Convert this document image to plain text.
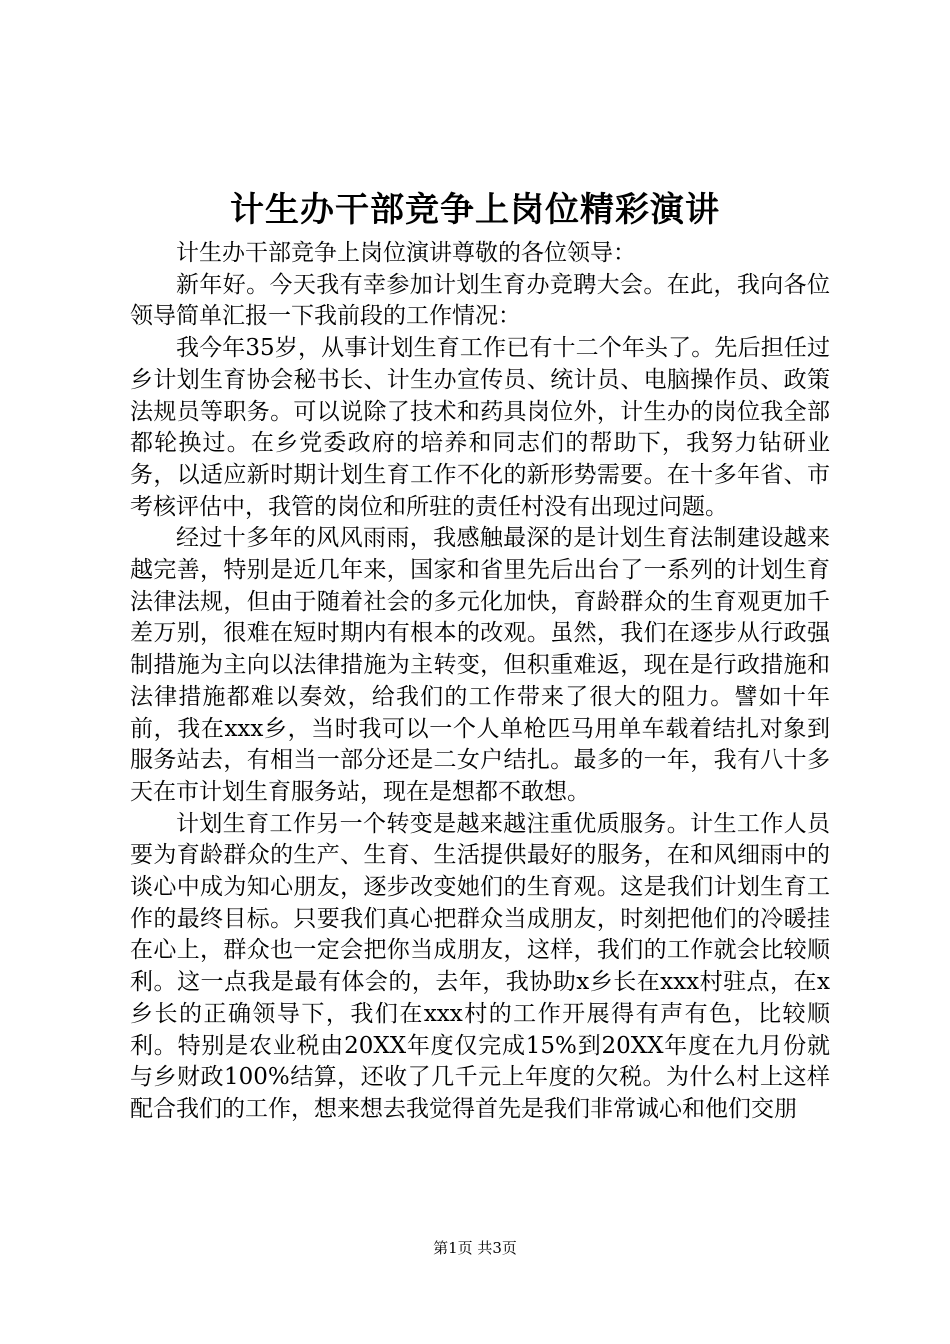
计生办干部竞争上岗位精彩演讲

计生办干部竞争上岗位演讲尊敬的各位领导：

新年好。今天我有幸参加计划生育办竞聘大会。在此，我向各位领导简单汇报一下我前段的工作情况：

我今年35岁，从事计划生育工作已有十二个年头了。先后担任过乡计划生育协会秘书长、计生办宣传员、统计员、电脑操作员、政策法规员等职务。可以说除了技术和药具岗位外，计生办的岗位我全部都轮换过。在乡党委政府的培养和同志们的帮助下，我努力钻研业务，以适应新时期计划生育工作不化的新形势需要。在十多年省、市考核评估中，我管的岗位和所驻的责任村没有出现过问题。

经过十多年的风风雨雨，我感触最深的是计划生育法制建设越来越完善，特别是近几年来，国家和省里先后出台了一系列的计划生育法律法规，但由于随着社会的多元化加快，育龄群众的生育观更加千差万别，很难在短时期内有根本的改观。虽然，我们在逐步从行政强制措施为主向以法律措施为主转变，但积重难返，现在是行政措施和法律措施都难以奏效，给我们的工作带来了很大的阻力。譬如十年前，我在xxx乡，当时我可以一个人单枪匹马用单车载着结扎对象到服务站去，有相当一部分还是二女户结扎。最多的一年，我有八十多天在市计划生育服务站，现在是想都不敢想。

计划生育工作另一个转变是越来越注重优质服务。计生工作人员要为育龄群众的生产、生育、生活提供最好的服务，在和风细雨中的谈心中成为知心朋友，逐步改变她们的生育观。这是我们计划生育工作的最终目标。只要我们真心把群众当成朋友，时刻把他们的冷暖挂在心上，群众也一定会把你当成朋友，这样，我们的工作就会比较顺利。这一点我是最有体会的，去年，我协助x乡长在xxx村驻点，在x乡长的正确领导下，我们在xxx村的工作开展得有声有色，比较顺利。特别是农业税由20XX年度仅完成15%到20XX年度在九月份就与乡财政100%结算，还收了几千元上年度的欠税。为什么村上这样配合我们的工作，想来想去我觉得首先是我们非常诚心和他们交朋

第1页 共3页
